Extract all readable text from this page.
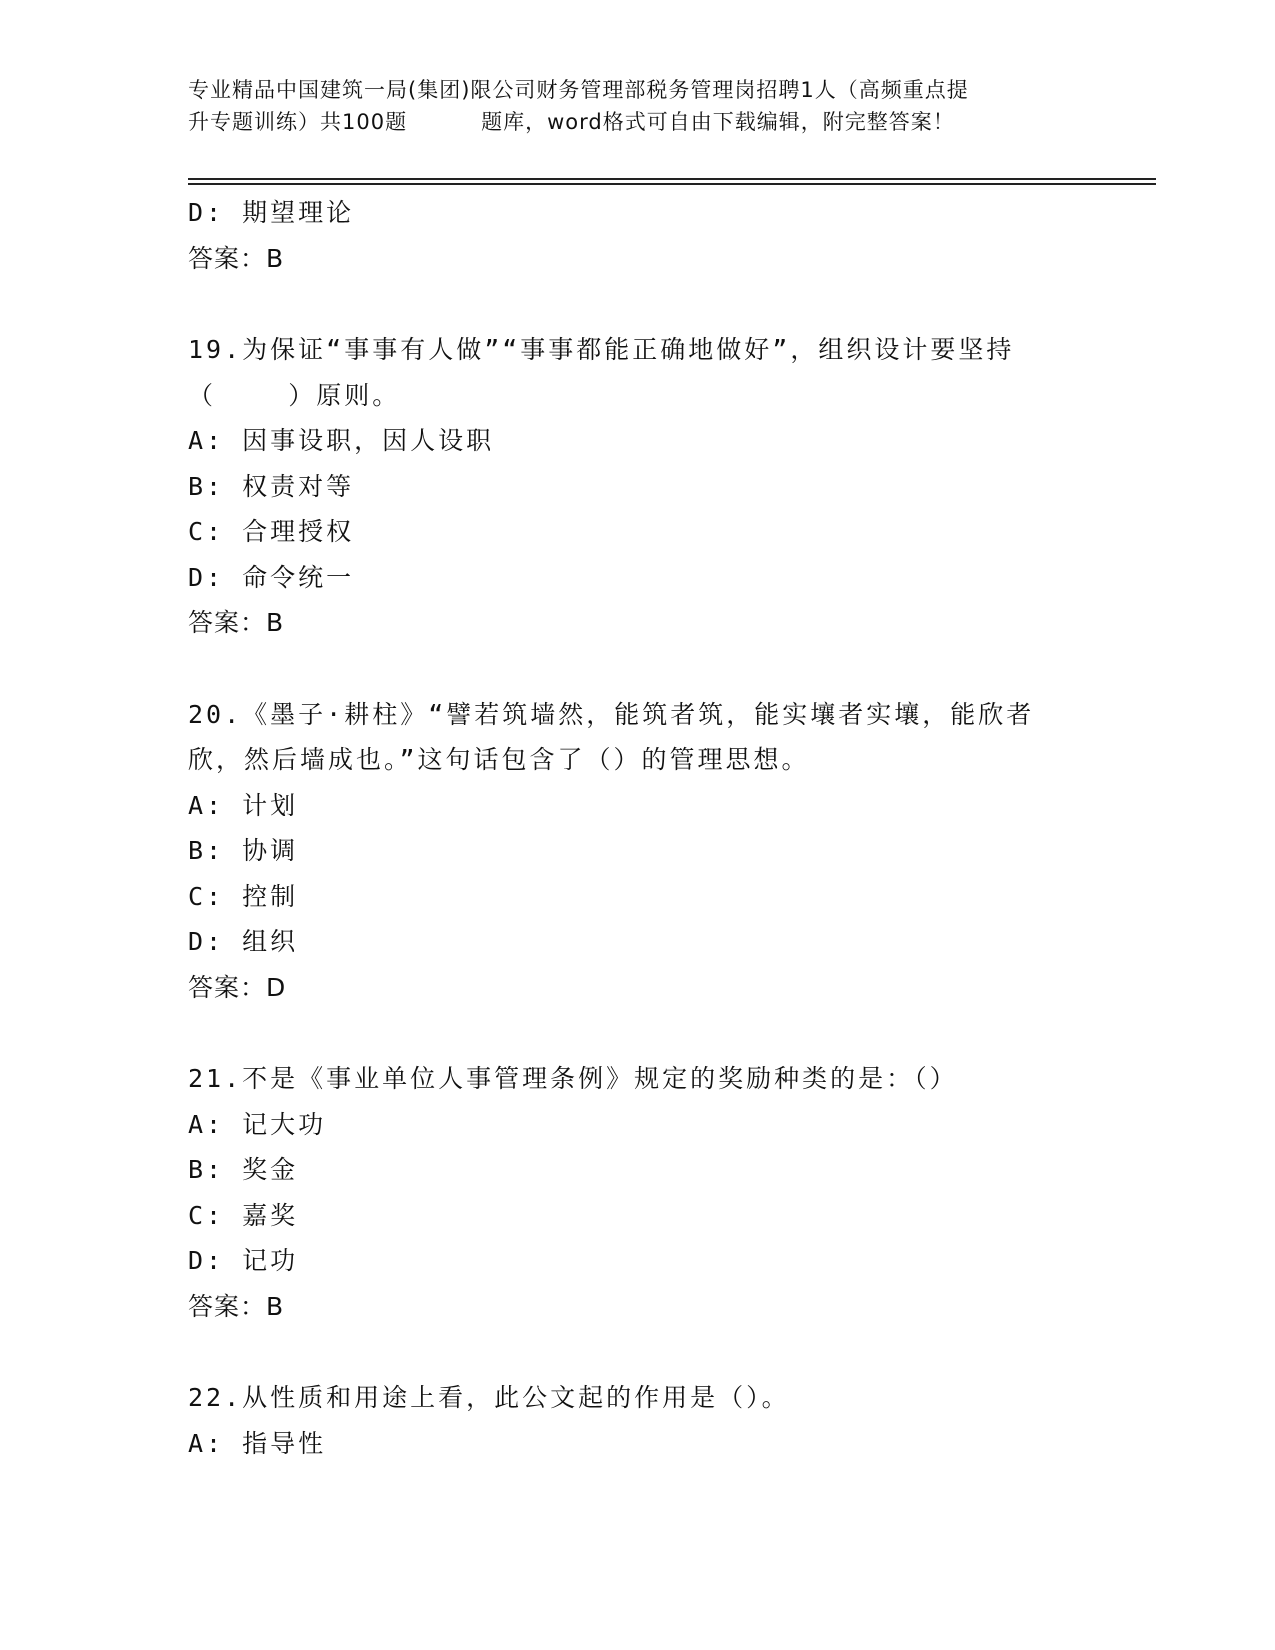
专业精品中国建筑一局(集团)限公司财务管理部税务管理岗招聘1人（高频重点提
升专题训练）共100题	题库，word格式可自由下载编辑，附完整答案！
D: 期望理论
答案：B
19.为保证“事事有人做”“事事都能正确地做好”，组织设计要坚持
（    ）原则。
A: 因事设职，因人设职
B: 权责对等
C: 合理授权
D: 命令统一
答案：B
20.《墨子·耕柱》“譬若筑墙然，能筑者筑，能实壤者实壤，能欣者
欣，然后墙成也。”这句话包含了（）的管理思想。
A: 计划
B: 协调
C: 控制
D: 组织
答案：D
21.不是《事业单位人事管理条例》规定的奖励种类的是：（）
A: 记大功
B: 奖金
C: 嘉奖
D: 记功
答案：B
22.从性质和用途上看，此公文起的作用是（）。
A: 指导性
